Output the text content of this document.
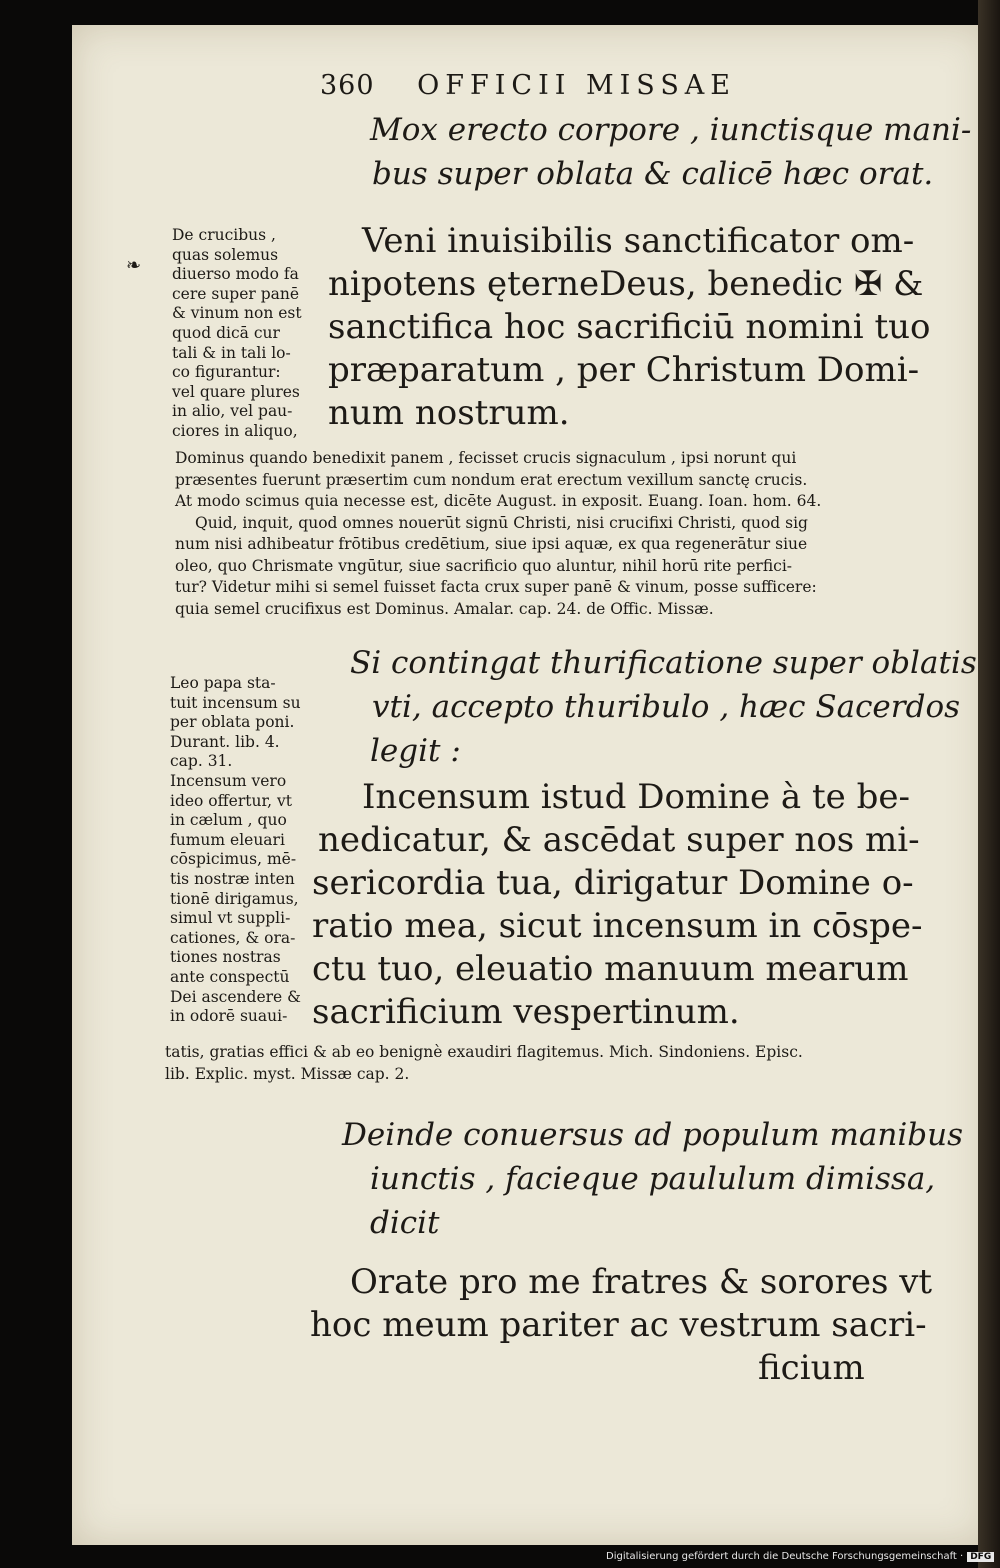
❧
360 OFFICII MISSAE
Mox erecto corpore , iunctisque mani-
bus super oblata & calicē hæc orat.
De crucibus ,
quas solemus
diuerso modo fa
cere super panē
& vinum non est
quod dicā cur
tali & in tali lo-
co figurantur:
vel quare plures
in alio, vel pau-
ciores in aliquo,
Veni inuisibilis sanctificator om-
nipotens ęterneDeus, benedic ✠ &
sanctifica hoc sacrificiū nomini tuo
præparatum , per Christum Domi-
num nostrum.
Dominus quando benedixit panem , fecisset crucis signaculum , ipsi norunt qui
præsentes fuerunt præsertim cum nondum erat erectum vexillum sanctę crucis.
At modo scimus quia necesse est, dicēte August. in exposit. Euang. Ioan. hom. 64.
Quid, inquit, quod omnes nouerūt signū Christi, nisi crucifixi Christi, quod sig
num nisi adhibeatur frōtibus credētium, siue ipsi aquæ, ex qua regenerātur siue
oleo, quo Chrismate vngūtur, siue sacrificio quo aluntur, nihil horū rite perfici-
tur? Videtur mihi si semel fuisset facta crux super panē & vinum, posse sufficere:
quia semel crucifixus est Dominus. Amalar. cap. 24. de Offic. Missæ.
Si contingat thurificatione super oblatis
vti, accepto thuribulo , hæc Sacerdos
legit :
Leo papa sta-
tuit incensum su
per oblata poni.
Durant. lib. 4.
cap. 31.
Incensum vero
ideo offertur, vt
in cælum , quo
fumum eleuari
cōspicimus, mē-
tis nostræ inten
tionē dirigamus,
simul vt suppli-
cationes, & ora-
tiones nostras
ante conspectū
Dei ascendere &
in odorē suaui-
Incensum istud Domine à te be-
nedicatur, & ascēdat super nos mi-
sericordia tua, dirigatur Domine o-
ratio mea, sicut incensum in cōspe-
ctu tuo, eleuatio manuum mearum
sacrificium vespertinum.
tatis, gratias effici & ab eo benignè exaudiri flagitemus. Mich. Sindoniens. Episc.
lib. Explic. myst. Missæ cap. 2.
Deinde conuersus ad populum manibus
iunctis , facieque paululum dimissa,
dicit
Orate pro me fratres & sorores vt
hoc meum pariter ac vestrum sacri-
ficium
Digitalisierung gefördert durch die Deutsche Forschungsgemeinschaft · DFG
